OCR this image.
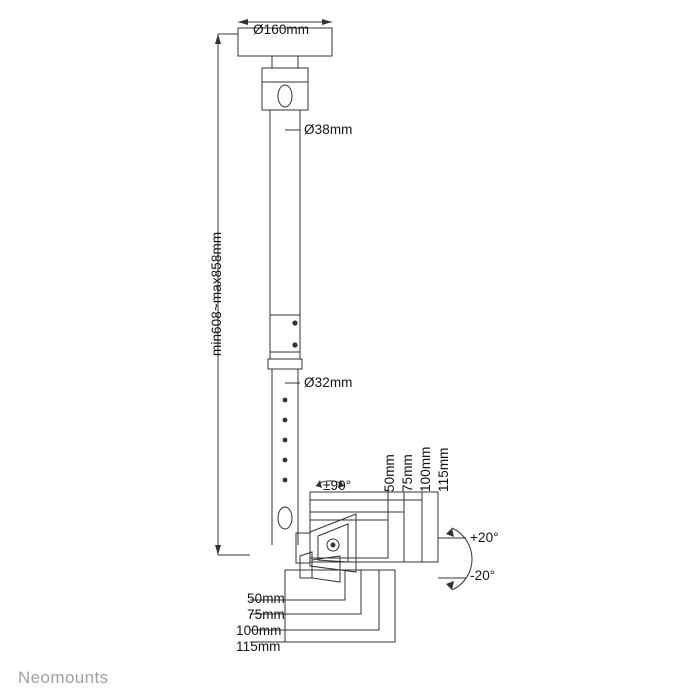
Ø160mm
Ø38mm
Ø32mm
min608~max858mm
±90° 50mm 75mm 100mm 115mm
+20°
-20°
50mm
75mm
100mm
115mm
Neomounts
